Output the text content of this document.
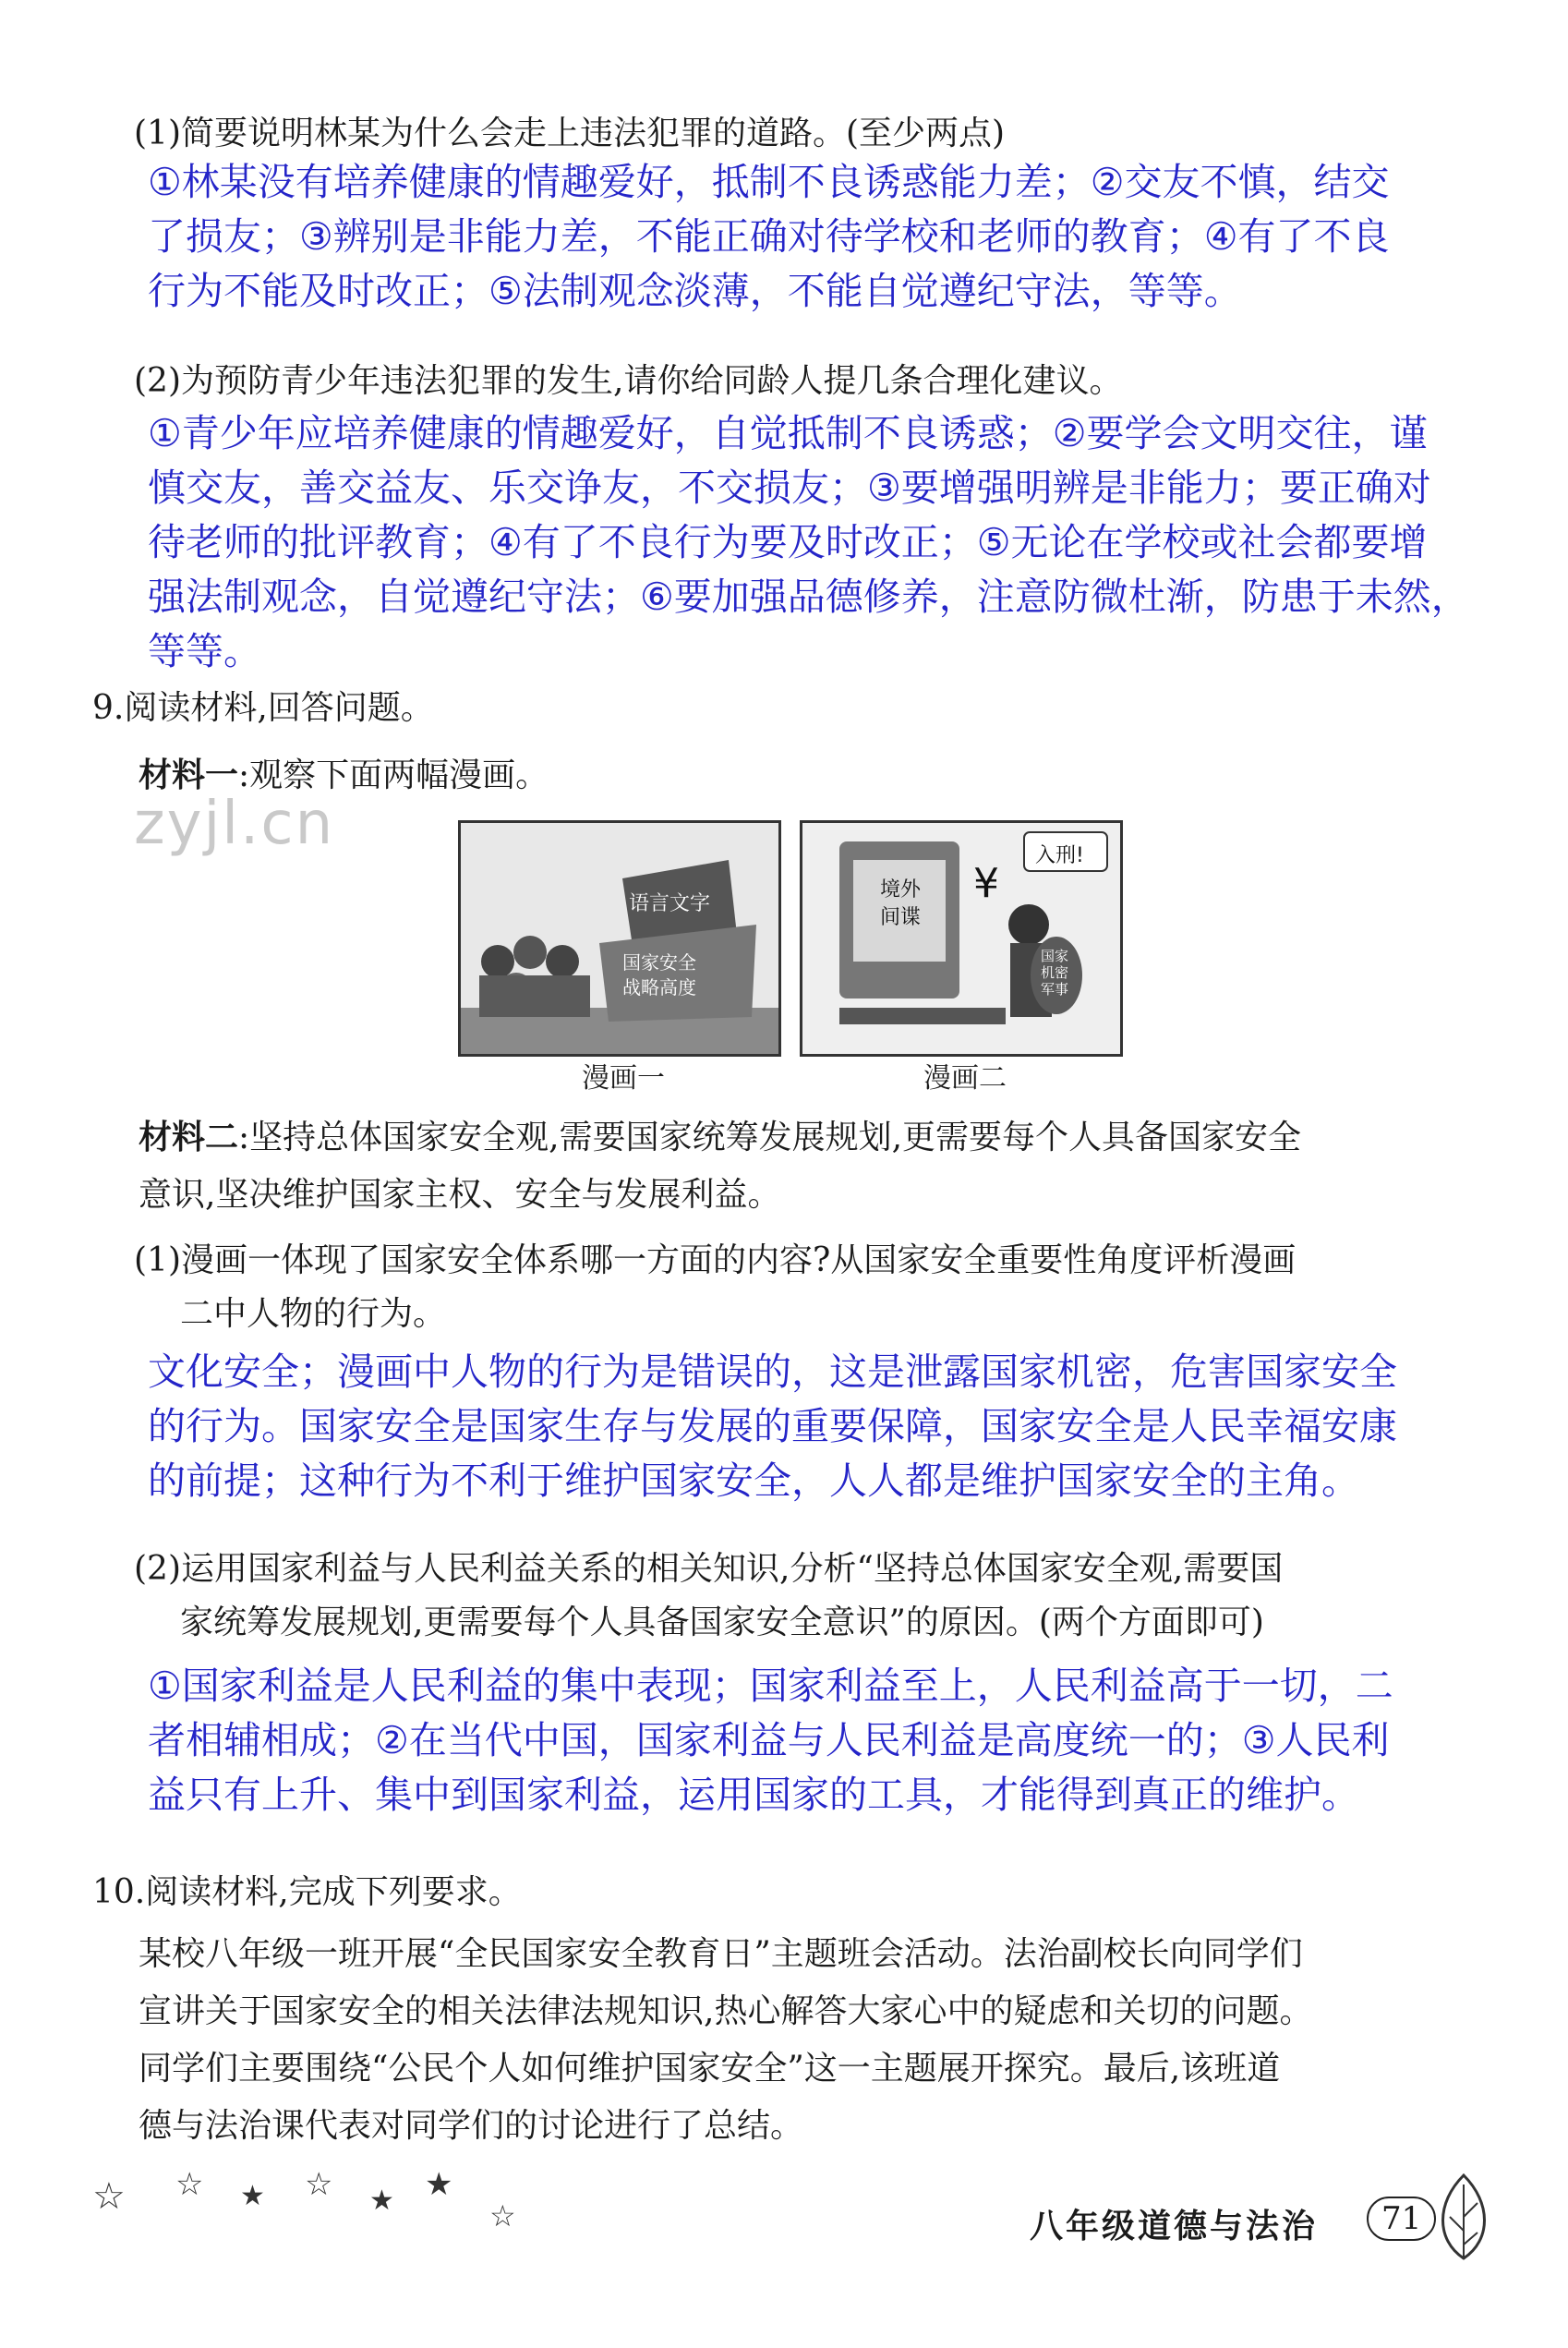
(1)简要说明林某为什么会走上违法犯罪的道路。(至少两点)
①林某没有培养健康的情趣爱好，抵制不良诱惑能力差；②交友不慎，结交
了损友；③辨别是非能力差，不能正确对待学校和老师的教育；④有了不良
行为不能及时改正；⑤法制观念淡薄，不能自觉遵纪守法，等等。
(2)为预防青少年违法犯罪的发生,请你给同龄人提几条合理化建议。
①青少年应培养健康的情趣爱好，自觉抵制不良诱惑；②要学会文明交往，谨
慎交友，善交益友、乐交诤友，不交损友；③要增强明辨是非能力；要正确对
待老师的批评教育；④有了不良行为要及时改正；⑤无论在学校或社会都要增
强法制观念，自觉遵纪守法；⑥要加强品德修养，注意防微杜渐，防患于未然，
等等。
9.阅读材料,回答问题。
材料一:观察下面两幅漫画。
zyjl.cn
语言文字
国家安全
战略高度
漫画一
境外
间谍
¥
入刑!
国家机密军事
漫画二
材料二:坚持总体国家安全观,需要国家统筹发展规划,更需要每个人具备国家安全
意识,坚决维护国家主权、安全与发展利益。
(1)漫画一体现了国家安全体系哪一方面的内容?从国家安全重要性角度评析漫画
二中人物的行为。
文化安全；漫画中人物的行为是错误的，这是泄露国家机密，危害国家安全
的行为。国家安全是国家生存与发展的重要保障，国家安全是人民幸福安康
的前提；这种行为不利于维护国家安全，人人都是维护国家安全的主角。
(2)运用国家利益与人民利益关系的相关知识,分析“坚持总体国家安全观,需要国
家统筹发展规划,更需要每个人具备国家安全意识”的原因。(两个方面即可)
①国家利益是人民利益的集中表现；国家利益至上，人民利益高于一切，二
者相辅相成；②在当代中国，国家利益与人民利益是高度统一的；③人民利
益只有上升、集中到国家利益，运用国家的工具，才能得到真正的维护。
10.阅读材料,完成下列要求。
某校八年级一班开展“全民国家安全教育日”主题班会活动。法治副校长向同学们
宣讲关于国家安全的相关法律法规知识,热心解答大家心中的疑虑和关切的问题。
同学们主要围绕“公民个人如何维护国家安全”这一主题展开探究。最后,该班道
德与法治课代表对同学们的讨论进行了总结。
☆ ☆ ★ ☆ ★ ★
☆	八年级道德与法治	71
